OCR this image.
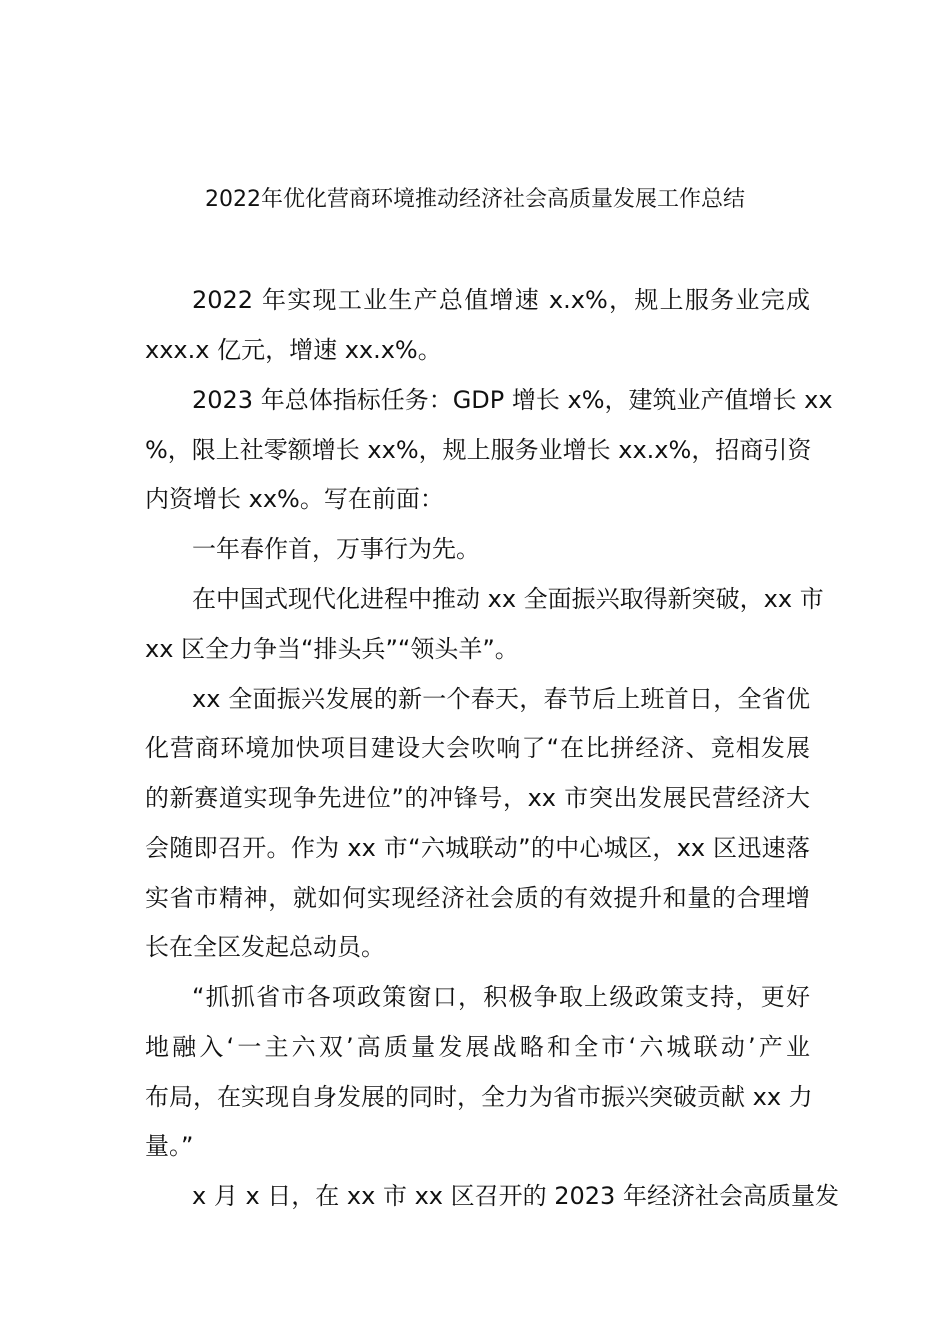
2022年优化营商环境推动经济社会高质量发展工作总结
2022 年实现工业生产总值增速 x.x%，规上服务业完成
xxx.x 亿元，增速 xx.x%。
2023 年总体指标任务：GDP 增长 x%，建筑业产值增长 xx
%，限上社零额增长 xx%，规上服务业增长 xx.x%，招商引资
内资增长 xx%。写在前面：
一年春作首，万事行为先。
在中国式现代化进程中推动 xx 全面振兴取得新突破，xx 市
xx 区全力争当“排头兵”“领头羊”。
xx 全面振兴发展的新一个春天，春节后上班首日，全省优
化营商环境加快项目建设大会吹响了“在比拼经济、竞相发展
的新赛道实现争先进位”的冲锋号，xx 市突出发展民营经济大
会随即召开。作为 xx 市“六城联动”的中心城区，xx 区迅速落
实省市精神，就如何实现经济社会质的有效提升和量的合理增
长在全区发起总动员。
“抓抓省市各项政策窗口，积极争取上级政策支持，更好
地融入‘一主六双’高质量发展战略和全市‘六城联动’产业
布局，在实现自身发展的同时，全力为省市振兴突破贡献 xx 力
量。”
x 月 x 日，在 xx 市 xx 区召开的 2023 年经济社会高质量发
